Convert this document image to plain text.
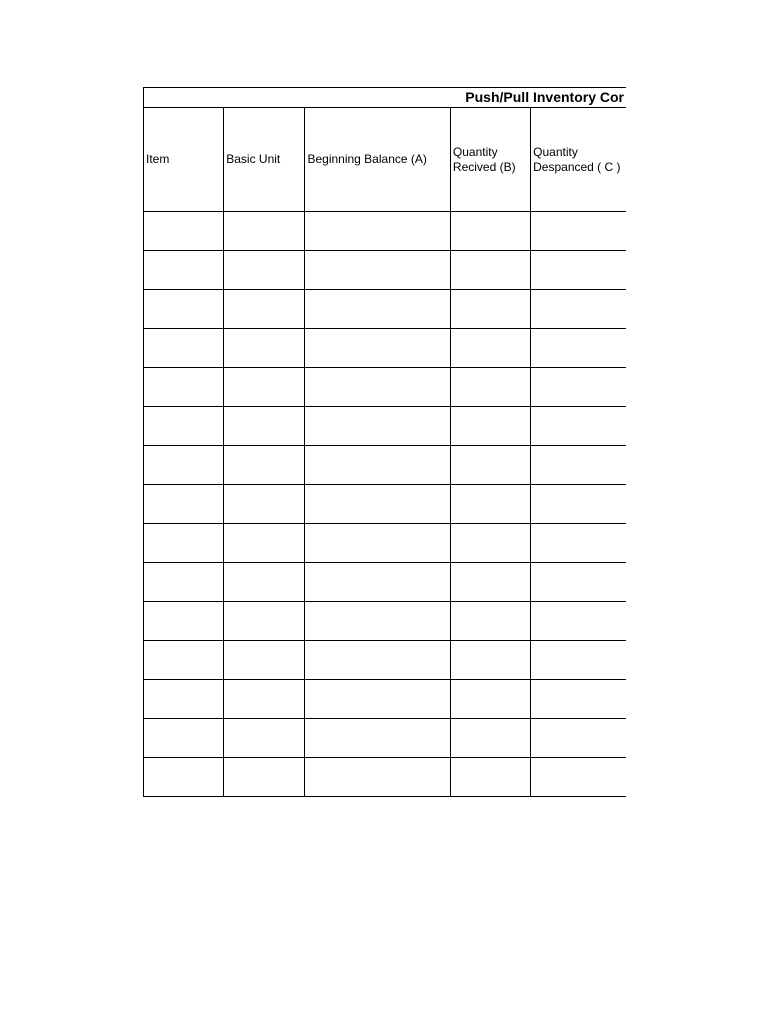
Push/Pull Inventory Cor				
Item	Basic Unit	Beginning Balance (A)	Quantity Recived (B)	Quantity Despanced ( C )
